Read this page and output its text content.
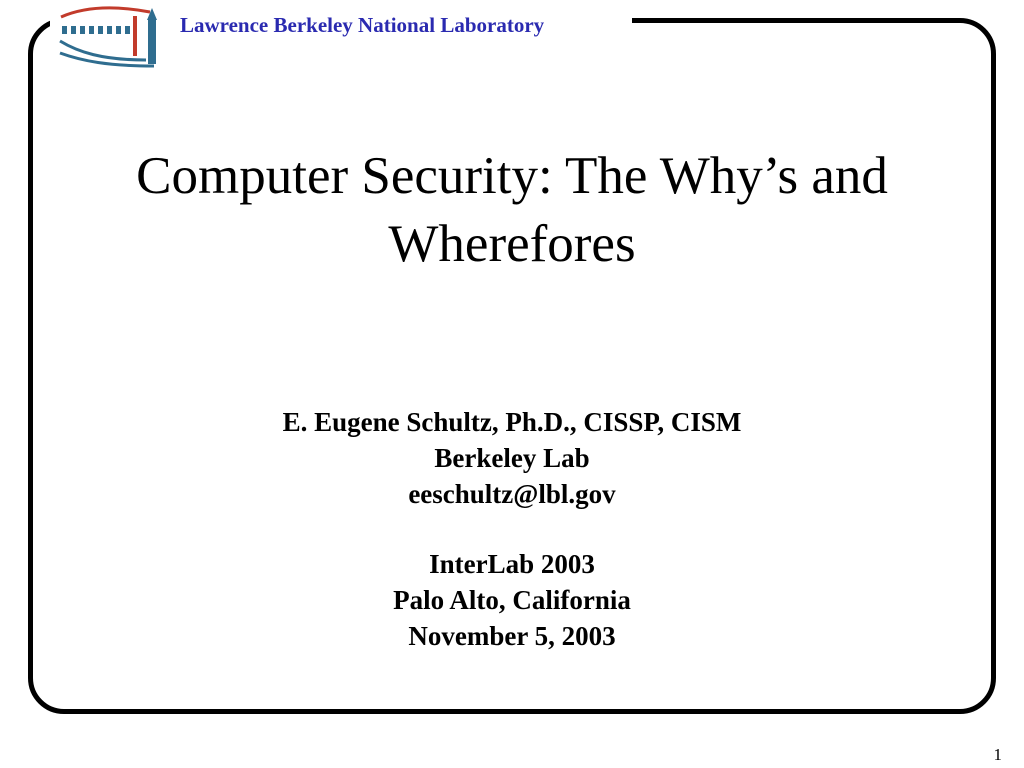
Lawrence Berkeley National Laboratory
Computer Security: The Why’s and Wherefores
E. Eugene Schultz, Ph.D., CISSP, CISM
Berkeley Lab
eeschultz@lbl.gov
InterLab 2003
Palo Alto, California
November 5, 2003
1
